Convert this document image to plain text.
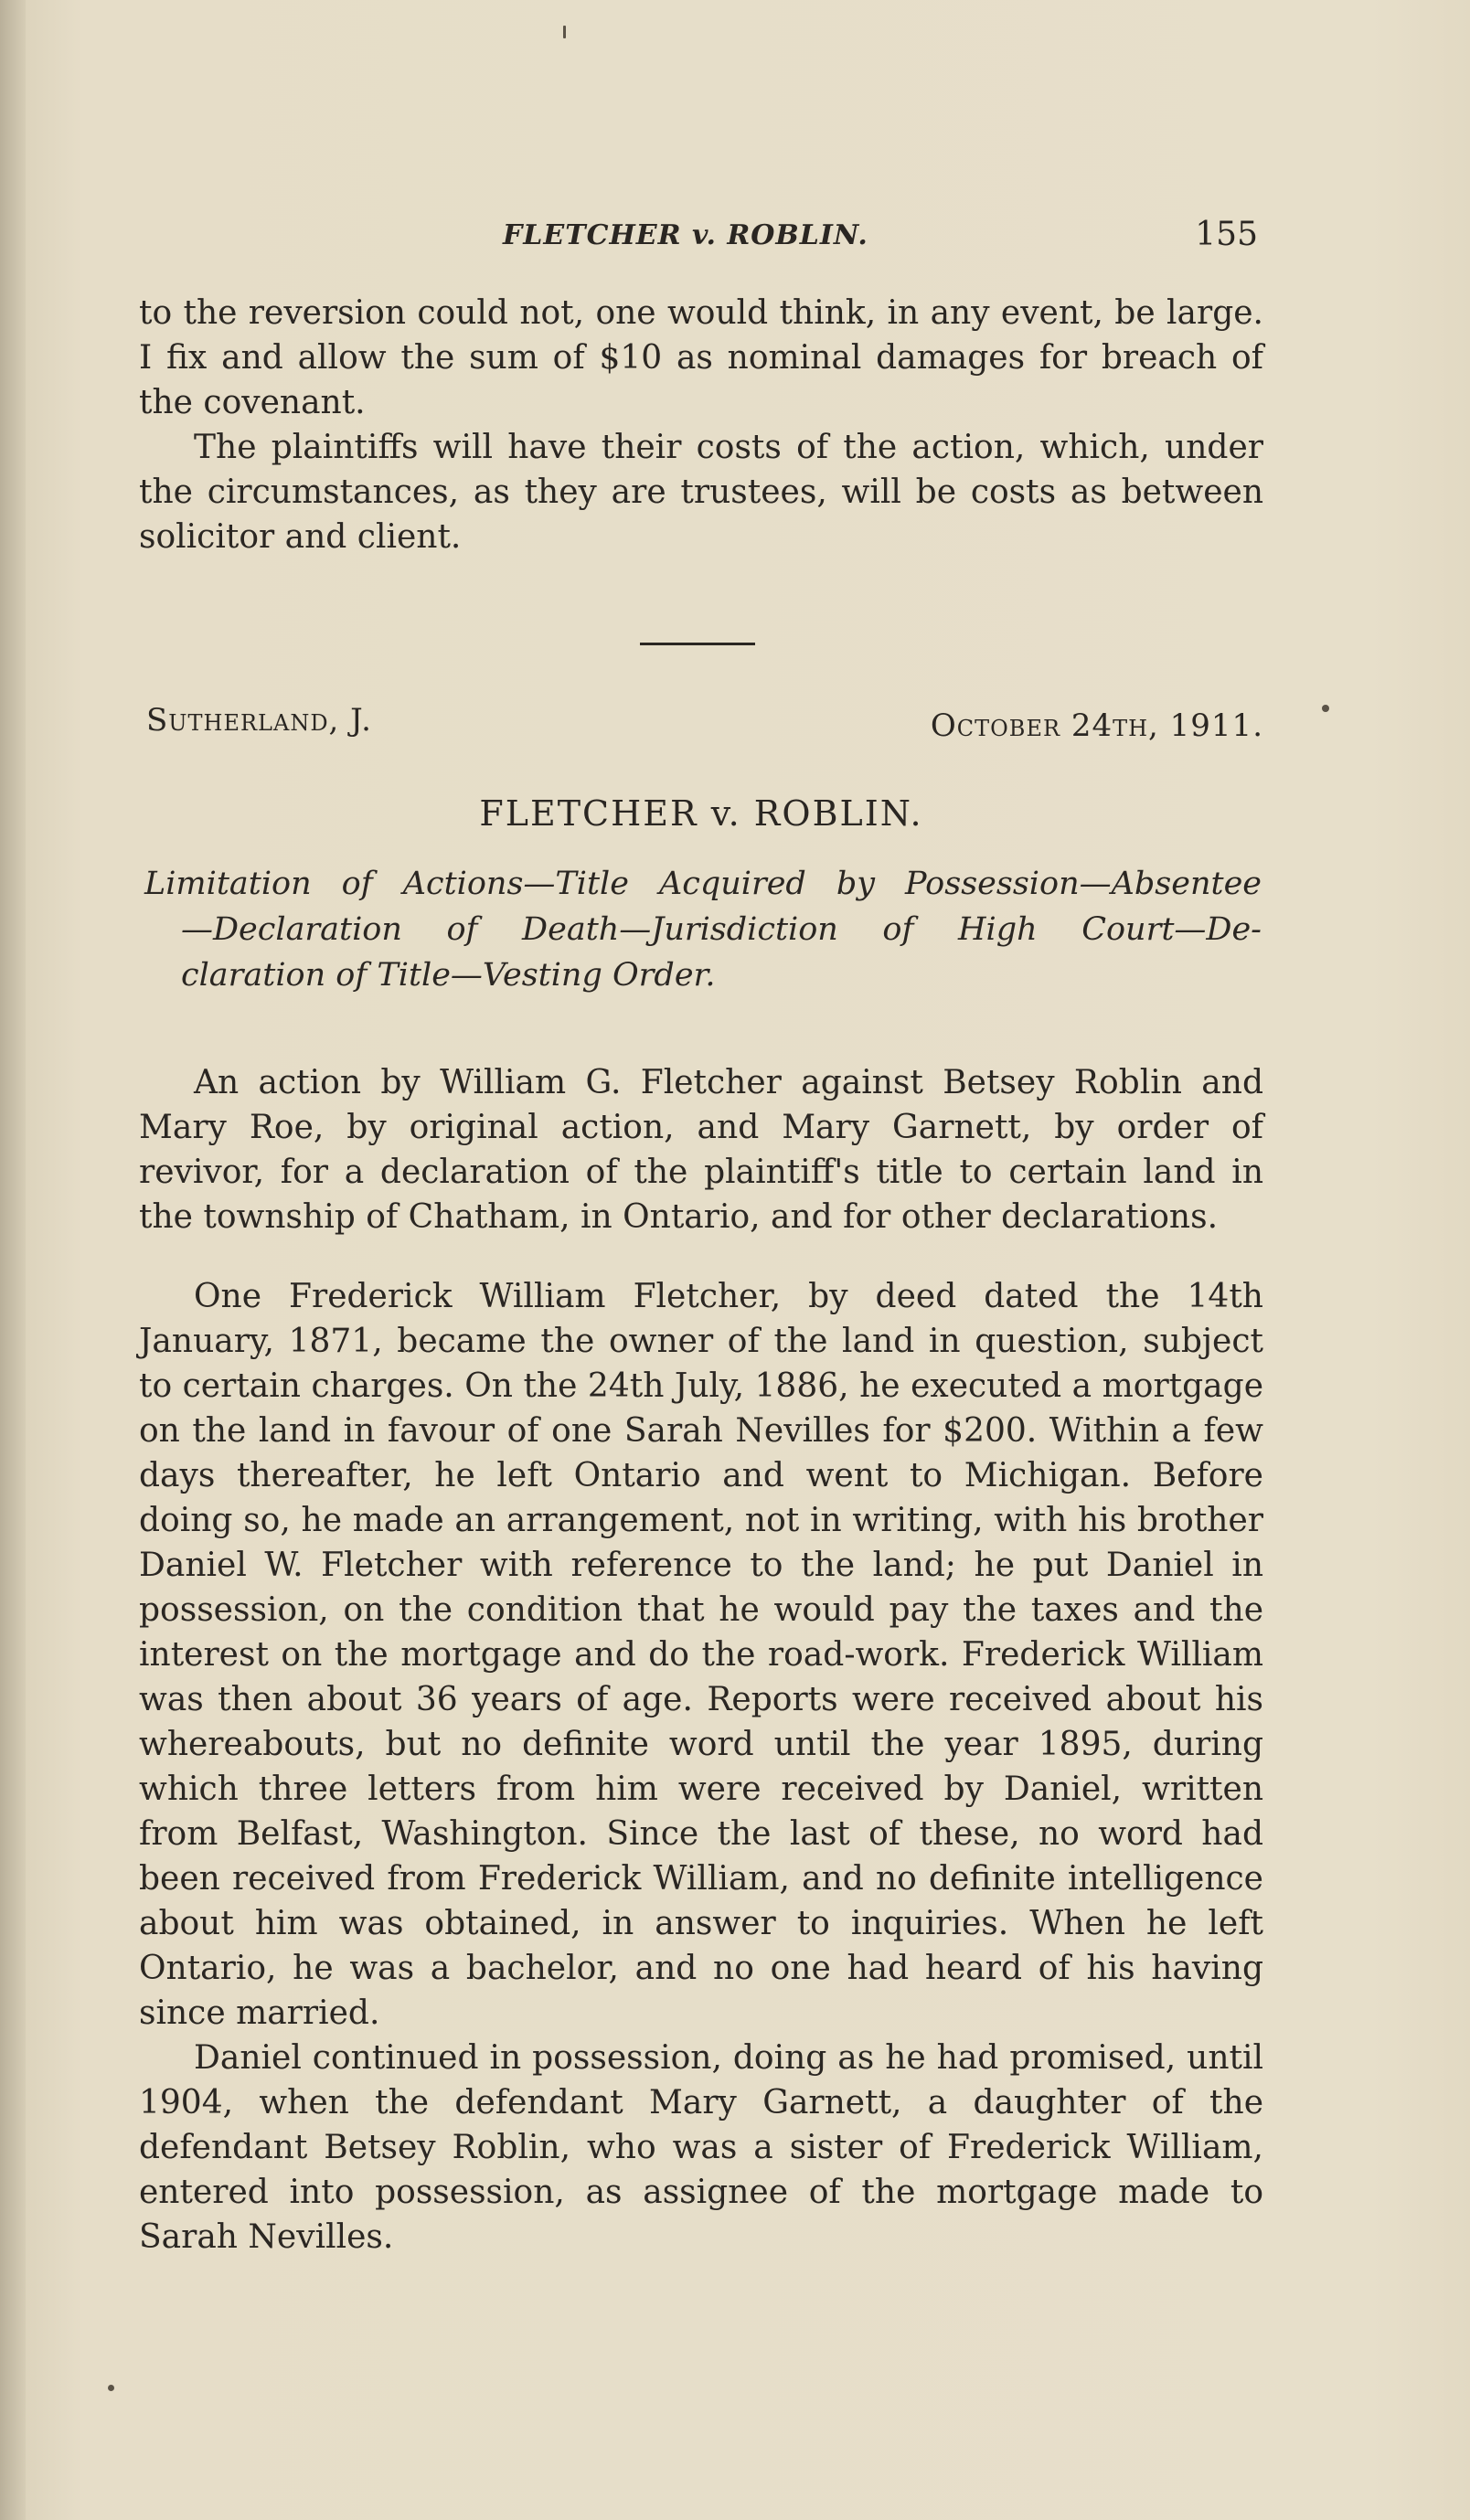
FLETCHER v. ROBLIN.	155

to the reversion could not, one would think, in any event, be large. I fix and allow the sum of $10 as nominal damages for breach of the covenant.

The plaintiffs will have their costs of the action, which, under the circumstances, as they are trustees, will be costs as between solicitor and client.

Sutherland, J.	October 24th, 1911.
FLETCHER v. ROBLIN.
Limitation of Actions—Title Acquired by Possession—Absentee
—Declaration of Death—Jurisdiction of High Court—De-
claration of Title—Vesting Order.

An action by William G. Fletcher against Betsey Roblin and Mary Roe, by original action, and Mary Garnett, by order of revivor, for a declaration of the plaintiff's title to certain land in the township of Chatham, in Ontario, and for other declarations.

One Frederick William Fletcher, by deed dated the 14th January, 1871, became the owner of the land in question, subject to certain charges. On the 24th July, 1886, he executed a mortgage on the land in favour of one Sarah Nevilles for $200. Within a few days thereafter, he left Ontario and went to Michigan. Before doing so, he made an arrangement, not in writing, with his brother Daniel W. Fletcher with reference to the land; he put Daniel in possession, on the condition that he would pay the taxes and the interest on the mortgage and do the road-work. Frederick William was then about 36 years of age. Reports were received about his whereabouts, but no definite word until the year 1895, during which three letters from him were received by Daniel, written from Belfast, Washington. Since the last of these, no word had been received from Frederick William, and no definite intelligence about him was obtained, in answer to inquiries. When he left Ontario, he was a bachelor, and no one had heard of his having since married.

Daniel continued in possession, doing as he had promised, until 1904, when the defendant Mary Garnett, a daughter of the defendant Betsey Roblin, who was a sister of Frederick William, entered into possession, as assignee of the mortgage made to Sarah Nevilles.
